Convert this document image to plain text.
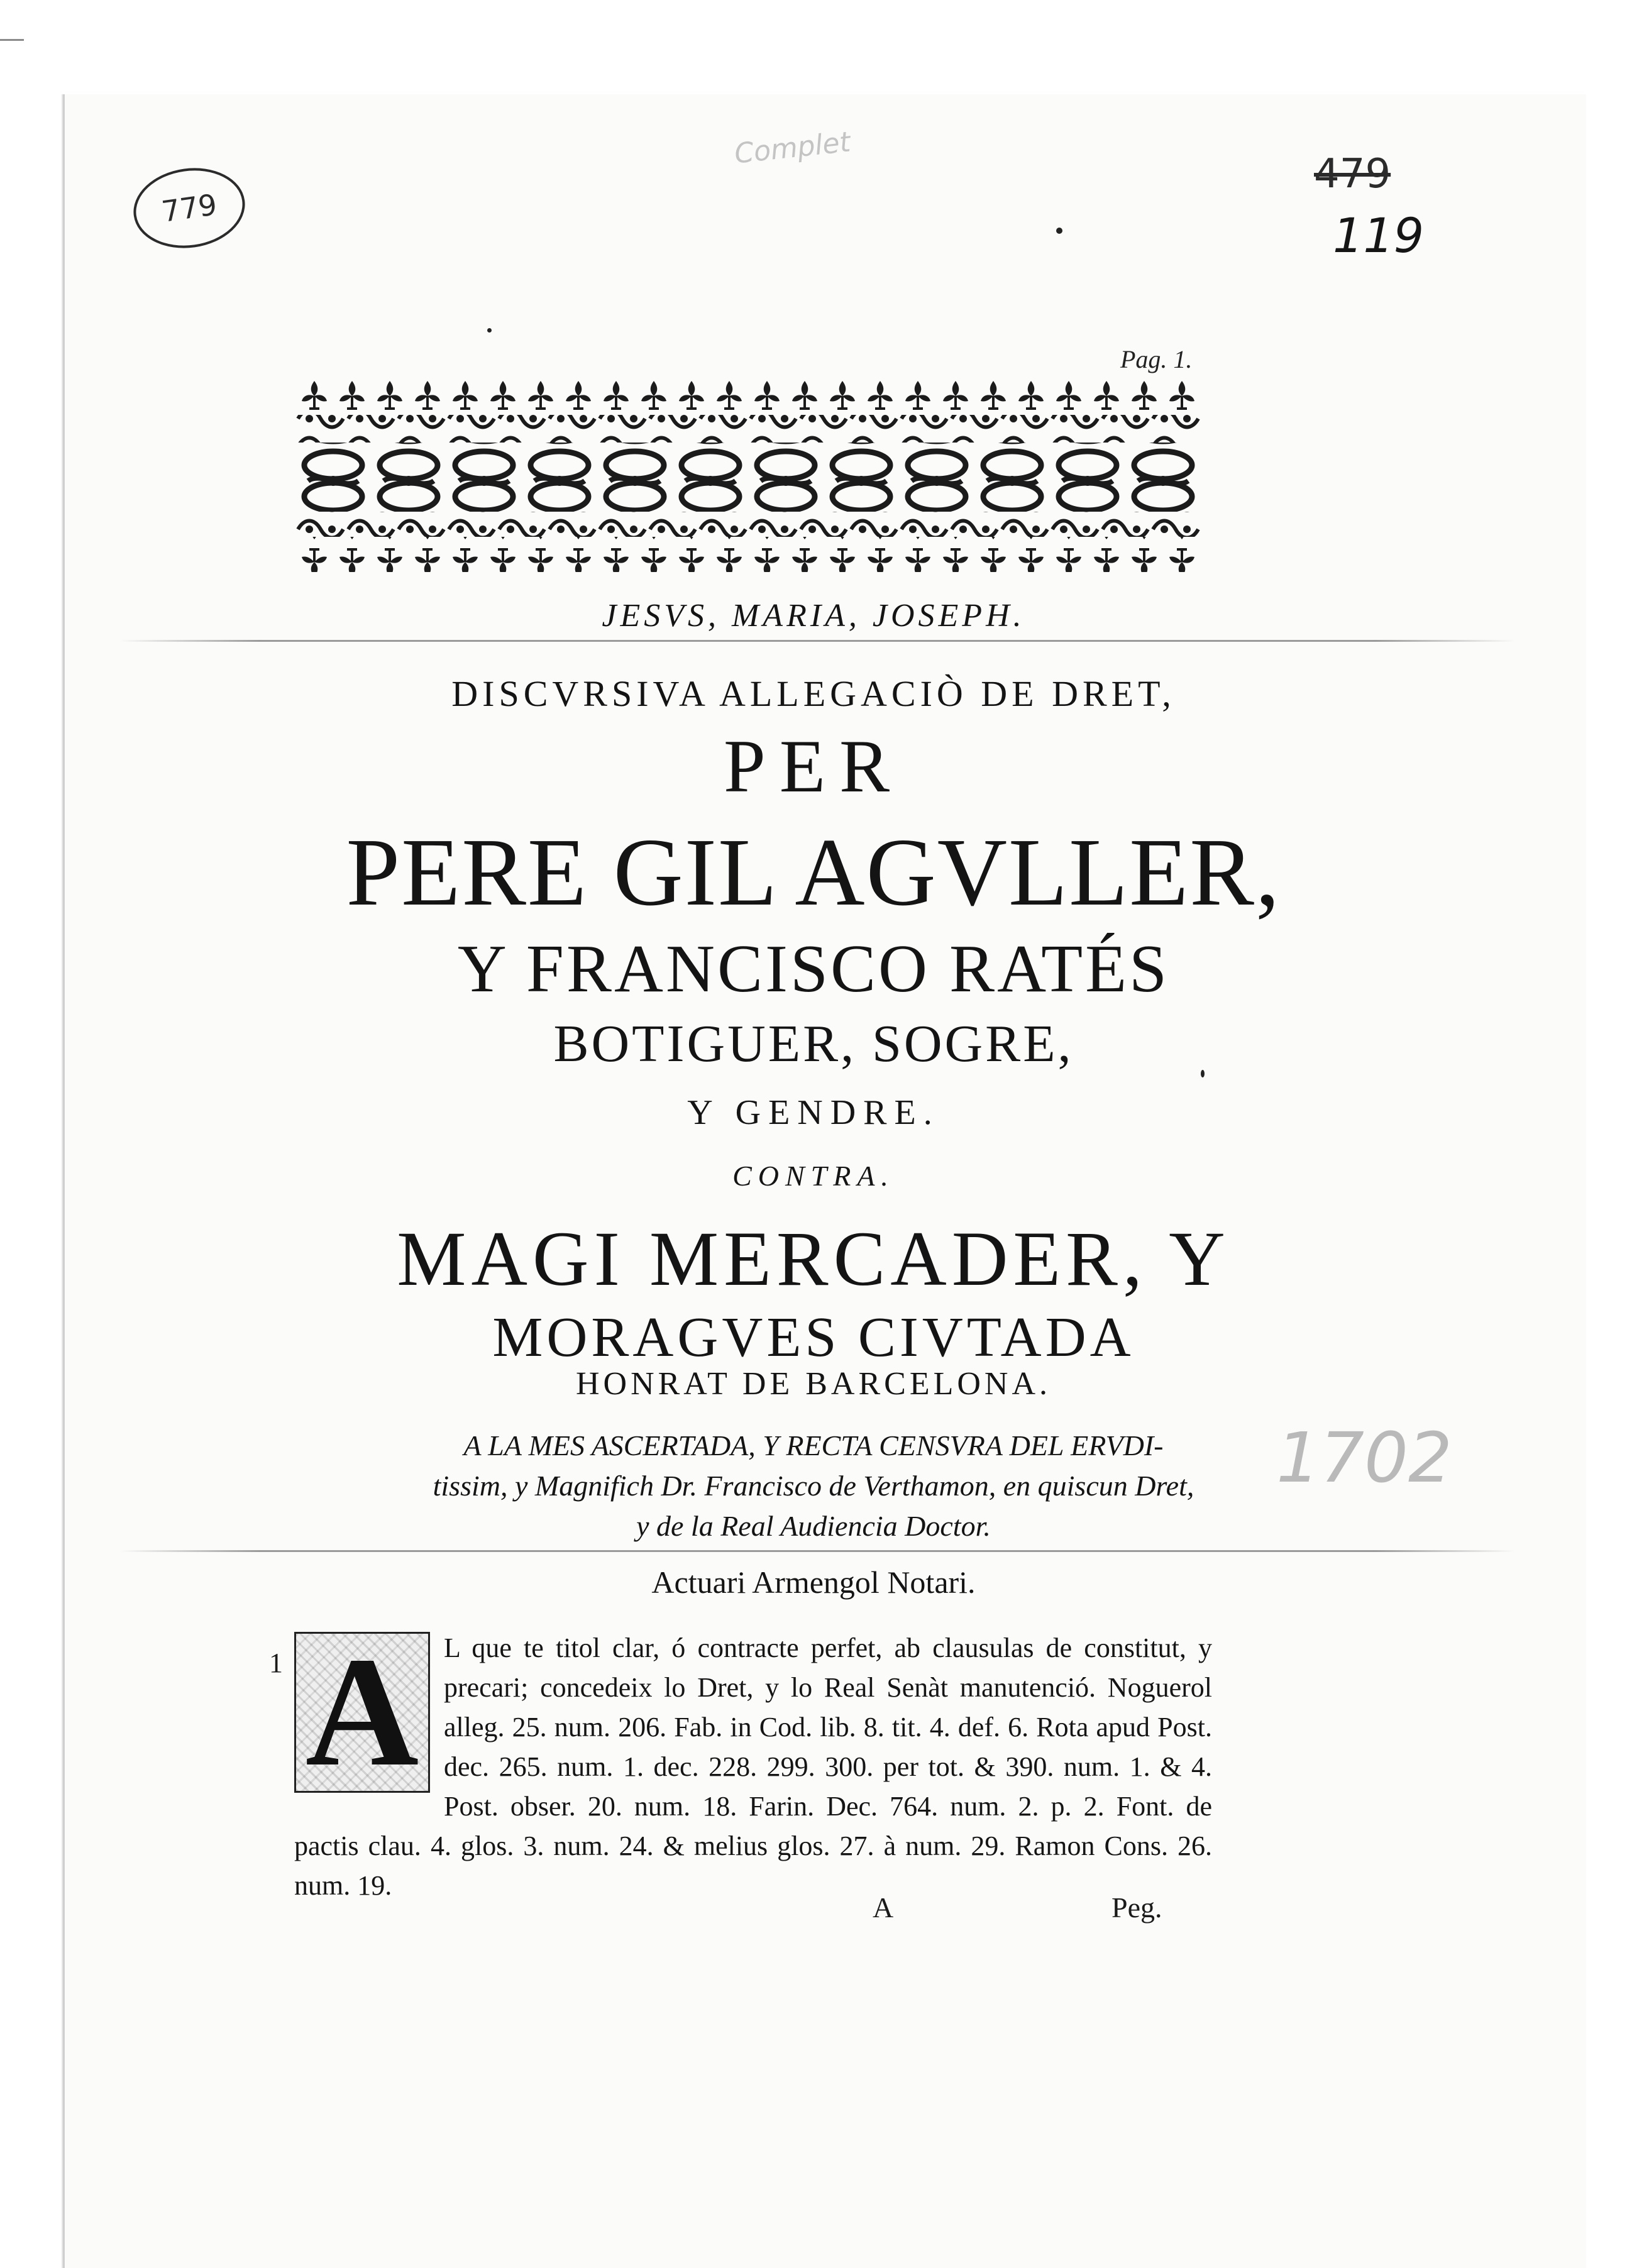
779
Complet
479
119
1702
Pag. 1.
JESVS, MARIA, JOSEPH.
DISCVRSIVA ALLEGACIÒ DE DRET,
PER
PERE GIL AGVLLER,
Y FRANCISCO RATÉS
BOTIGUER, SOGRE,
Y GENDRE.
CONTRA.
MAGI MERCADER, Y
MORAGVES CIVTADA
HONRAT DE BARCELONA.
A LA MES ASCERTADA, Y RECTA CENSVRA DEL ERVDI-
tissim, y Magnifich Dr. Francisco de Verthamon, en quiscun Dret,
y de la Real Audiencia Doctor.
Actuari Armengol Notari.
1 A L que te titol clar, ó contracte perfet, ab clausulas de constitut, y precari; concedeix lo Dret, y lo Real Senàt manutenció. Noguerol alleg. 25. num. 206. Fab. in Cod. lib. 8. tit. 4. def. 6. Rota apud Post. dec. 265. num. 1. dec. 228. 299. 300. per tot. & 390. num. 1. & 4. Post. obser. 20. num. 18. Farin. Dec. 764. num. 2. p. 2. Font. de pactis clau. 4. glos. 3. num. 24. & melius glos. 27. à num. 29. Ramon Cons. 26. num. 19.
A	Peg.
